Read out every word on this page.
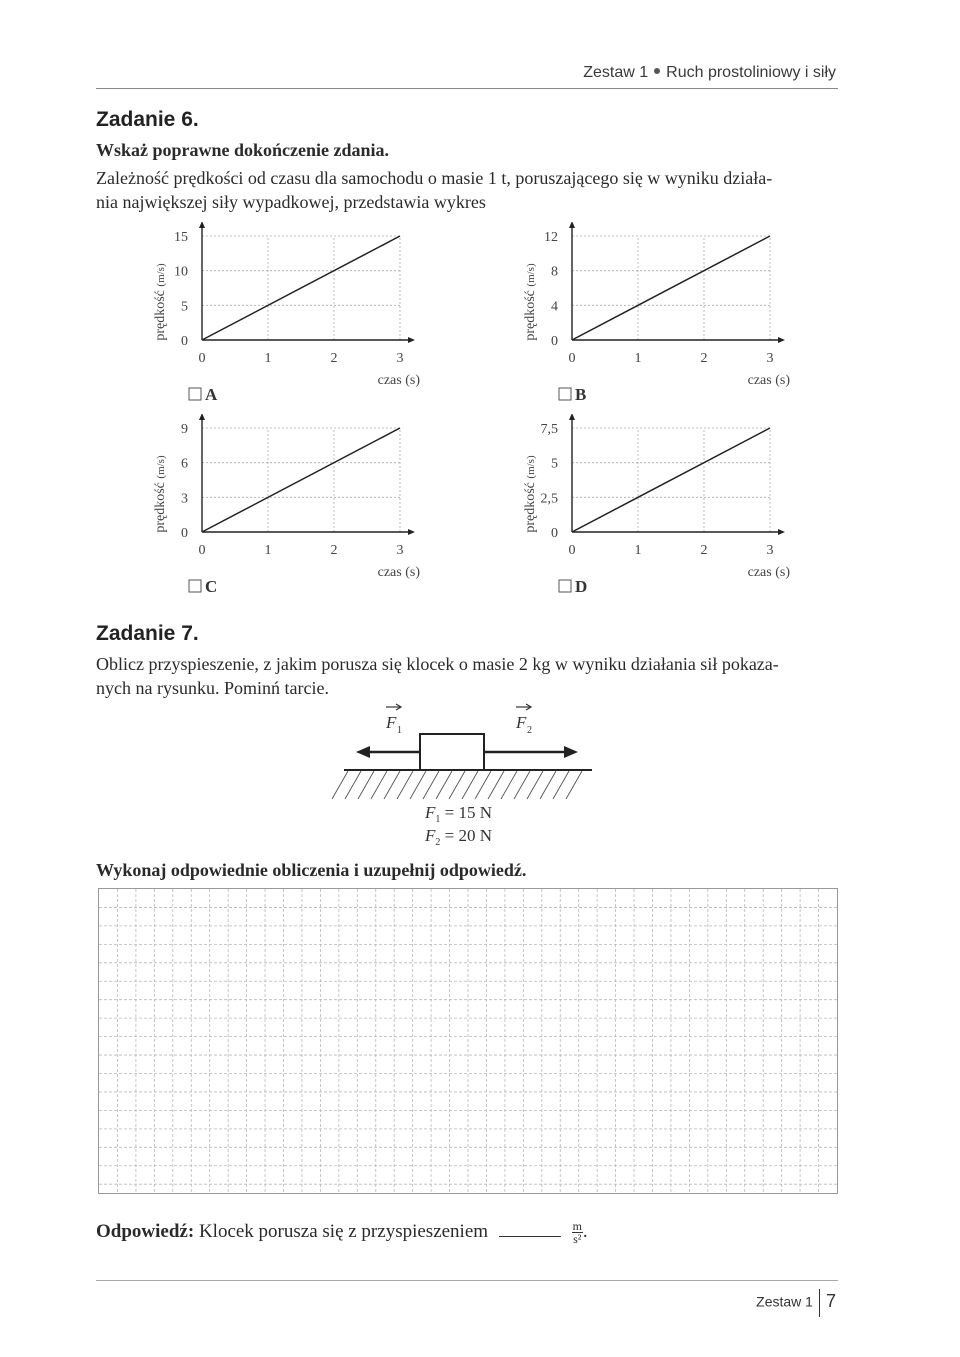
Zestaw 1 Ruch prostoliniowy i siły
Zadanie 6.
Wskaż poprawne dokończenie zdania.
Zależność prędkości od czasu dla samochodu o masie 1 t, poruszającego się w wyniku działa-
nia największej siły wypadkowej, przedstawia wykres
prędkość (m/s)
0
5
10
15
0	1	2	3
czas (s)
A
prędkość (m/s)
0
4
8
12
0	1	2	3
czas (s)
B
prędkość (m/s)
0
3
6
9
0	1	2	3
czas (s)
C
prędkość (m/s)
0
2,5
5
7,5
0	1	2	3
czas (s)
D
Zadanie 7.
Oblicz przyspieszenie, z jakim porusza się klocek o masie 2 kg w wyniku działania sił pokaza-
nych na rysunku. Pominń tarcie.
F 1	F 2
$F_1 = 15$ N
$F_2 = 20$ N
Wykonaj odpowiednie obliczenia i uzupełnij odpowiedź.
Odpowiedź: Klocek porusza się z przyspieszeniem	$\frac{m}{\text{s²}}$ .
Zestaw 1 7
